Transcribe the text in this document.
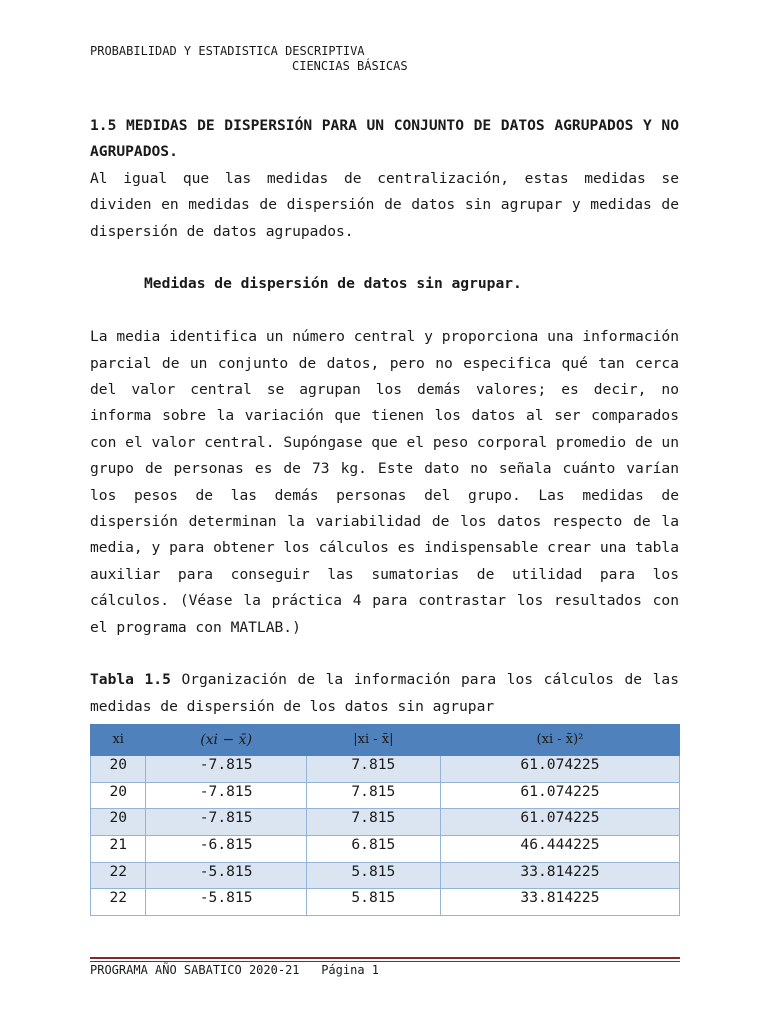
PROBABILIDAD Y ESTADISTICA DESCRIPTIVA
CIENCIAS BÁSICAS

1.5 MEDIDAS DE DISPERSIÓN PARA UN CONJUNTO DE DATOS AGRUPADOS Y NO AGRUPADOS.

Al igual que las medidas de centralización, estas medidas se dividen en medidas de dispersión de datos sin agrupar y medidas de dispersión de datos agrupados.

Medidas de dispersión de datos sin agrupar.

La media identifica un número central y proporciona una información parcial de un conjunto de datos, pero no especifica qué tan cerca del valor central se agrupan los demás valores; es decir, no informa sobre la variación que tienen los datos al ser comparados con el valor central. Supóngase que el peso corporal promedio de un grupo de personas es de 73 kg. Este dato no señala cuánto varían los pesos de las demás personas del grupo. Las medidas de dispersión determinan la variabilidad de los datos respecto de la media, y para obtener los cálculos es indispensable crear una tabla auxiliar para conseguir las sumatorias de utilidad para los cálculos. (Véase la práctica 4 para contrastar los resultados con el programa con MATLAB.)

Tabla 1.5 Organización de la información para los cálculos de las medidas de dispersión de los datos sin agrupar

xi	(xi − x̄)	|xi - x̄|	(xi - x̄)²
20	-7.815	7.815	61.074225
20	-7.815	7.815	61.074225
20	-7.815	7.815	61.074225
21	-6.815	6.815	46.444225
22	-5.815	5.815	33.814225
22	-5.815	5.815	33.814225
PROGRAMA AÑO SABATICO 2020-21 Página 1
